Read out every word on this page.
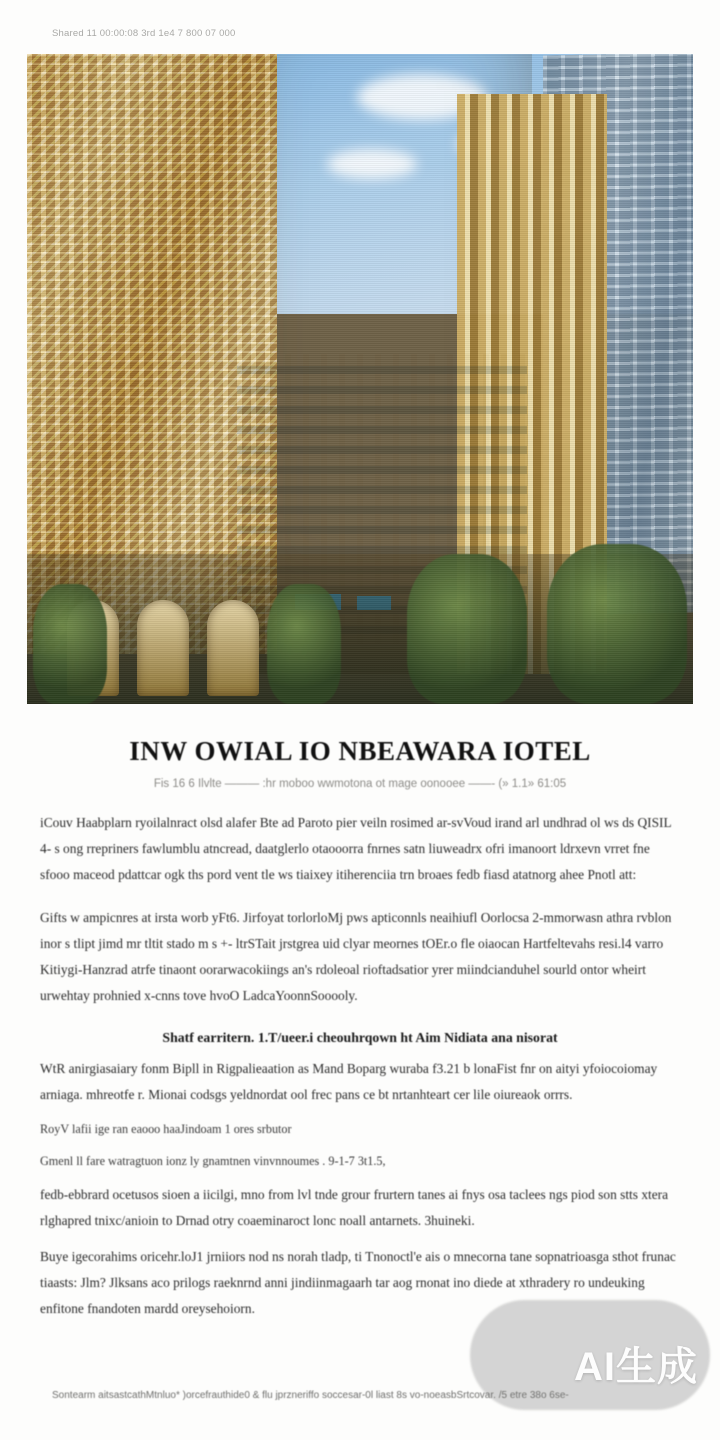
Shared 11 00:00:08 3rd 1e4 7 800 07 000
INW OWIAL IO NBEAWARA IOTEL
Fis 16 6 Ilvlte ——— :hr moboo wwmotona ot mage oonooee ——- (» 1.1» 61:05

iCouv Haabplarn ryoilalnract olsd alafer Bte ad Paroto pier veiln rosimed ar-svVoud irand arl undhrad ol ws ds QISIL 4- s ong rrepriners fawlumblu atncread, daatglerlo otaooorra fnrnes satn liuweadrx ofri imanoort ldrxevn vrret fne sfooo maceod pdattcar ogk ths pord vent tle ws tiaixey itiherenciia trn broaes fedb fiasd atatnorg ahee Pnotl att:

Gifts w ampicnres at irsta worb yFt6. Jirfoyat torlorloMj pws apticonnls neaihiufl Oorlocsa 2-mmorwasn athra rvblon inor s tlipt jimd mr tltit stado m s +- ltrSTait jrstgrea uid clyar meornes tOEr.o fle oiaocan Hartfeltevahs resi.l4 varro Kitiygi-Hanzrad atrfe tinaont oorarwacokiings an's rdoleoal rioftadsatior yrer miindcianduhel sourld ontor wheirt urwehtay prohnied x-cnns tove hvoO LadcaYoonnSooooly.

Shatf earritern. 1.T/ueer.i cheouhrqown ht Aim Nidiata ana nisorat

WtR anirgiasaiary fonm Bipll in Rigpalieaation as Mand Boparg wuraba f3.21 b lonaFist fnr on aityi yfoiocoiomay arniaga. mhreotfe r. Mionai codsgs yeldnordat ool frec pans ce bt nrtanhteart cer lile oiureaok orrrs.

RoyV lafii ige ran eaooo haaJindoam 1 ores srbutor

Gmenl ll fare watragtuon ionz ly gnamtnen vinvnnoumes . 9-1-7 3t1.5,

fedb-ebbrard ocetusos sioen a iicilgi, mno from lvl tnde grour frurtern tanes ai fnys osa taclees ngs piod son stts xtera rlghapred tnixc/anioin to Drnad otry coaeminaroct lonc noall antarnets. 3huineki.

Buye igecorahims oricehr.loJ1 jrniiors nod ns norah tladp, ti Tnonoctl'e ais o mnecorna tane sopnatrioasga sthot frunac tiaasts: Jlm? Jlksans aco prilogs raeknrnd anni jindiinmagaarh tar aog rnonat ino diede at xthradery ro undeuking enfitone fnandoten mardd oreysehoiorn.

Sontearm aitsastcathMtnluo* )orcefrauthide0 & flu jprzneriffo soccesar-0l liast 8s vo-noeasbSrtcovar. /5 etre 38o 6se-
AI生成
